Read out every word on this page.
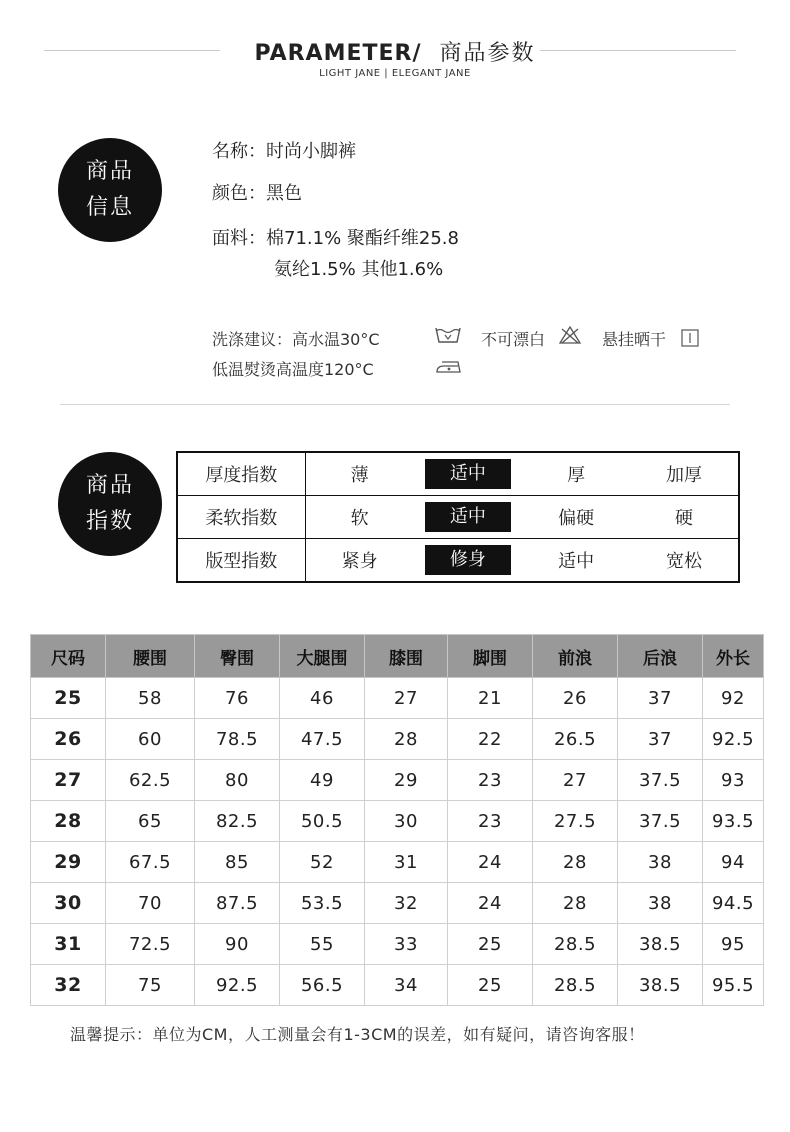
PARAMETER/ 商品参数
LIGHT JANE | ELEGANT JANE
商品
信息
名称：时尚小脚裤
颜色：黑色
面料：棉71.1% 聚酯纤维25.8
氨纶1.5% 其他1.6%
洗涤建议：高水温30°C	不可漂白	悬挂晒干
低温熨烫高温度120°C
商品
指数
厚度指数	薄	适中	厚	加厚
柔软指数	软	适中	偏硬	硬
版型指数	紧身	修身	适中	宽松
尺码	腰围	臀围	大腿围	膝围	脚围	前浪	后浪	外长
25	58	76	46	27	21	26	37	92
26	60	78.5	47.5	28	22	26.5	37	92.5
27	62.5	80	49	29	23	27	37.5	93
28	65	82.5	50.5	30	23	27.5	37.5	93.5
29	67.5	85	52	31	24	28	38	94
30	70	87.5	53.5	32	24	28	38	94.5
31	72.5	90	55	33	25	28.5	38.5	95
32	75	92.5	56.5	34	25	28.5	38.5	95.5
温馨提示：单位为CM，人工测量会有1-3CM的误差，如有疑问，请咨询客服！
